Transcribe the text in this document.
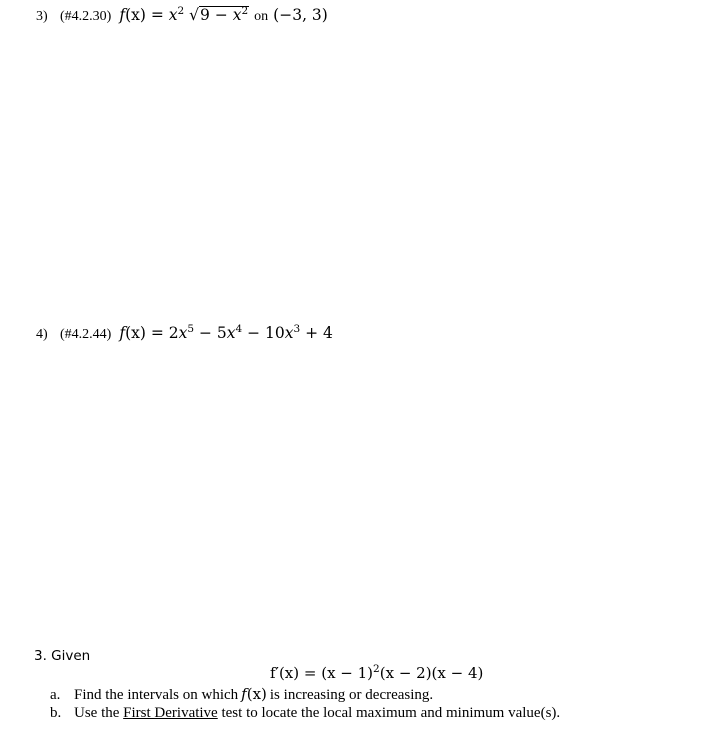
3) (#4.2.30) $f(x) = x^2$ √ $9 - x^2$ on (−3, 3)
4) (#4.2.44) $f(x) = 2x^5 - 5x^4 - 10x^3 + 4$
3. Given
$f'(x) = (x - 1)^2(x - 2)(x - 4)$
a. Find the intervals on which f(x) is increasing or decreasing.
b. Use the
First Derivative
test to locate the local maximum and minimum value(s).
